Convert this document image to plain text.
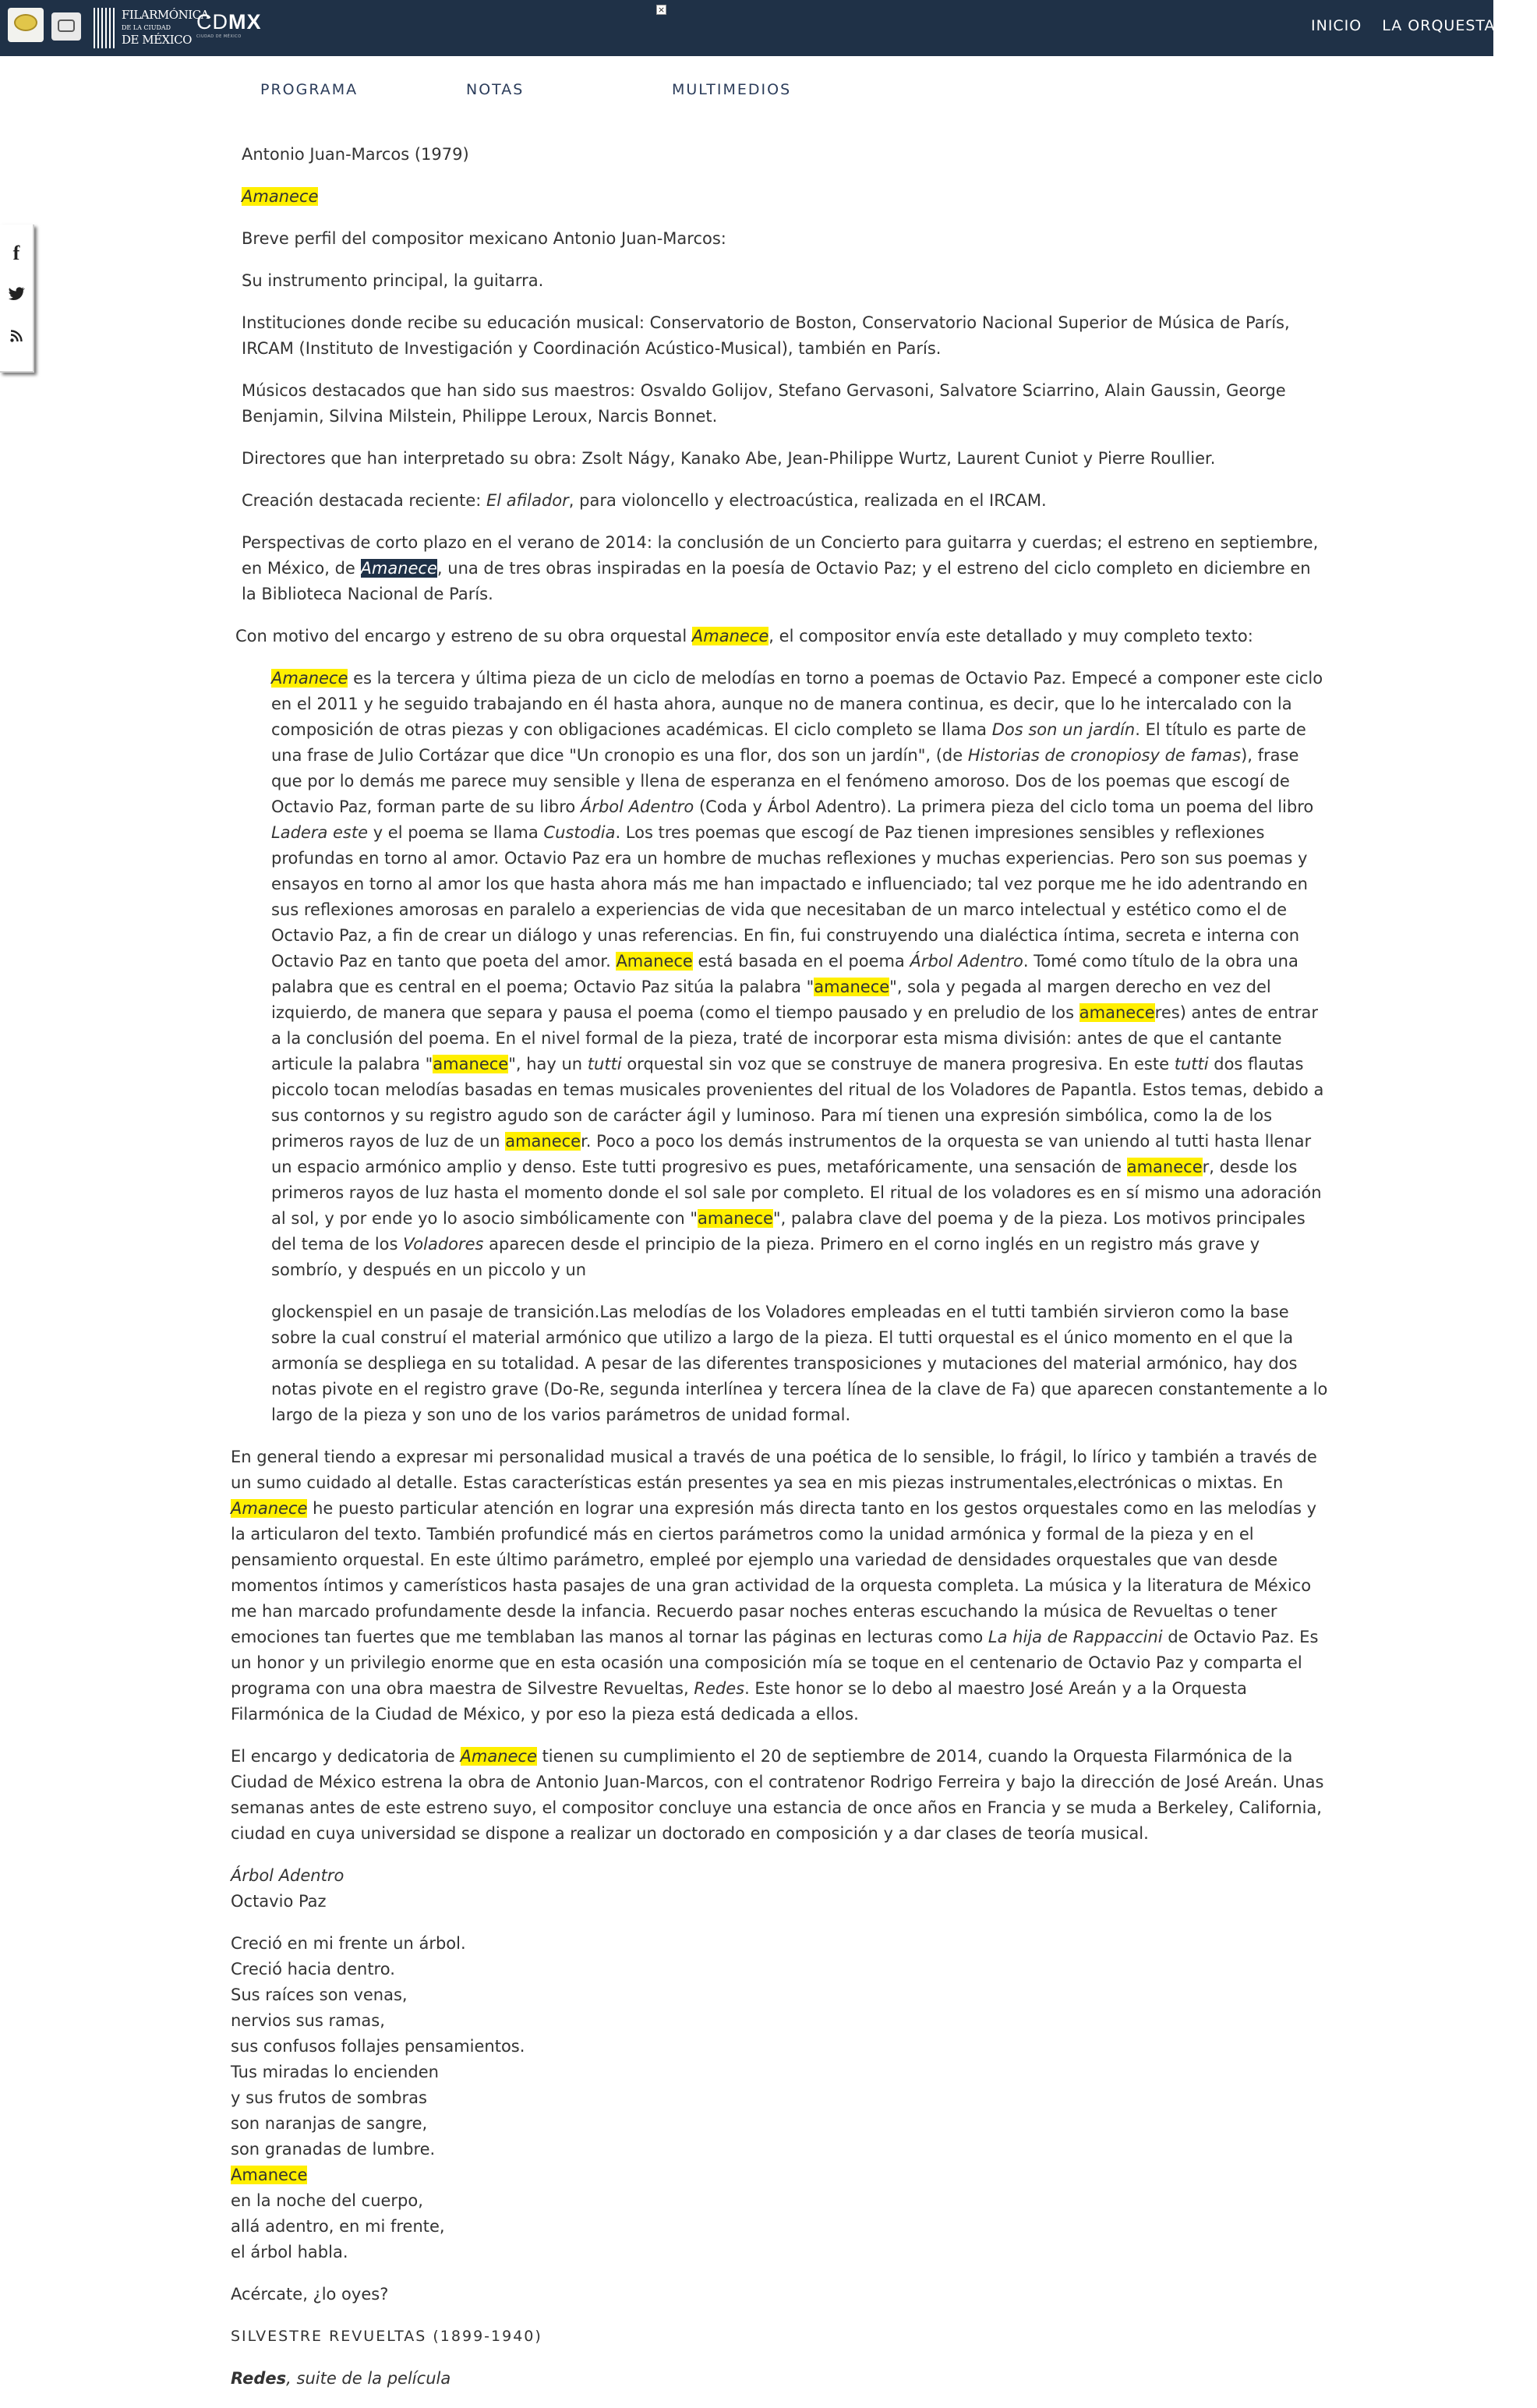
FILARMÓNICA
DE LA CIUDAD
DE MÉXICO
CDMX
CIUDAD DE MÉXICO
×
INICIO LA ORQUESTA
f
PROGRAMA	NOTAS	MULTIMEDIOS

Antonio Juan-Marcos (1979)

Amanece

Breve perfil del compositor mexicano Antonio Juan-Marcos:

Su instrumento principal, la guitarra.

Instituciones donde recibe su educación musical: Conservatorio de Boston, Conservatorio Nacional Superior de Música de París, IRCAM (Instituto de Investigación y Coordinación Acústico-Musical), también en París.

Músicos destacados que han sido sus maestros: Osvaldo Golijov, Stefano Gervasoni, Salvatore Sciarrino, Alain Gaussin, George Benjamin, Silvina Milstein, Philippe Leroux, Narcis Bonnet.

Directores que han interpretado su obra: Zsolt Nágy, Kanako Abe, Jean-Philippe Wurtz, Laurent Cuniot y Pierre Roullier.

Creación destacada reciente: El afilador, para violoncello y electroacústica, realizada en el IRCAM.

Perspectivas de corto plazo en el verano de 2014: la conclusión de un Concierto para guitarra y cuerdas; el estreno en septiembre, en México, de Amanece, una de tres obras inspiradas en la poesía de Octavio Paz; y el estreno del ciclo completo en diciembre en la Biblioteca Nacional de París.

Con motivo del encargo y estreno de su obra orquestal Amanece, el compositor envía este detallado y muy completo texto:

Amanece es la tercera y última pieza de un ciclo de melodías en torno a poemas de Octavio Paz. Empecé a componer este ciclo en el 2011 y he seguido trabajando en él hasta ahora, aunque no de manera continua, es decir, que lo he intercalado con la composición de otras piezas y con obligaciones académicas. El ciclo completo se llama Dos son un jardín. El título es parte de una frase de Julio Cortázar que dice "Un cronopio es una flor, dos son un jardín", (de Historias de cronopiosy de famas), frase que por lo demás me parece muy sensible y llena de esperanza en el fenómeno amoroso. Dos de los poemas que escogí de Octavio Paz, forman parte de su libro Árbol Adentro (Coda y Árbol Adentro). La primera pieza del ciclo toma un poema del libro Ladera este y el poema se llama Custodia. Los tres poemas que escogí de Paz tienen impresiones sensibles y reflexiones profundas en torno al amor. Octavio Paz era un hombre de muchas reflexiones y muchas experiencias. Pero son sus poemas y ensayos en torno al amor los que hasta ahora más me han impactado e influenciado; tal vez porque me he ido adentrando en sus reflexiones amorosas en paralelo a experiencias de vida que necesitaban de un marco intelectual y estético como el de Octavio Paz, a fin de crear un diálogo y unas referencias. En fin, fui construyendo una dialéctica íntima, secreta e interna con Octavio Paz en tanto que poeta del amor. Amanece está basada en el poema Árbol Adentro. Tomé como título de la obra una palabra que es central en el poema; Octavio Paz sitúa la palabra "amanece", sola y pegada al margen derecho en vez del izquierdo, de manera que separa y pausa el poema (como el tiempo pausado y en preludio de los amaneceres) antes de entrar a la conclusión del poema. En el nivel formal de la pieza, traté de incorporar esta misma división: antes de que el cantante articule la palabra "amanece", hay un tutti orquestal sin voz que se construye de manera progresiva. En este tutti dos flautas piccolo tocan melodías basadas en temas musicales provenientes del ritual de los Voladores de Papantla. Estos temas, debido a sus contornos y su registro agudo son de carácter ágil y luminoso. Para mí tienen una expresión simbólica, como la de los primeros rayos de luz de un amanecer. Poco a poco los demás instrumentos de la orquesta se van uniendo al tutti hasta llenar un espacio armónico amplio y denso. Este tutti progresivo es pues, metafóricamente, una sensación de amanecer, desde los primeros rayos de luz hasta el momento donde el sol sale por completo. El ritual de los voladores es en sí mismo una adoración al sol, y por ende yo lo asocio simbólicamente con "amanece", palabra clave del poema y de la pieza. Los motivos principales del tema de los Voladores aparecen desde el principio de la pieza. Primero en el corno inglés en un registro más grave y sombrío, y después en un piccolo y un

glockenspiel en un pasaje de transición.Las melodías de los Voladores empleadas en el tutti también sirvieron como la base sobre la cual construí el material armónico que utilizo a largo de la pieza. El tutti orquestal es el único momento en el que la armonía se despliega en su totalidad. A pesar de las diferentes transposiciones y mutaciones del material armónico, hay dos notas pivote en el registro grave (Do-Re, segunda interlínea y tercera línea de la clave de Fa) que aparecen constantemente a lo largo de la pieza y son uno de los varios parámetros de unidad formal.

En general tiendo a expresar mi personalidad musical a través de una poética de lo sensible, lo frágil, lo lírico y también a través de un sumo cuidado al detalle. Estas características están presentes ya sea en mis piezas instrumentales,electrónicas o mixtas. En Amanece he puesto particular atención en lograr una expresión más directa tanto en los gestos orquestales como en las melodías y la articularon del texto. También profundicé más en ciertos parámetros como la unidad armónica y formal de la pieza y en el pensamiento orquestal. En este último parámetro, empleé por ejemplo una variedad de densidades orquestales que van desde momentos íntimos y camerísticos hasta pasajes de una gran actividad de la orquesta completa. La música y la literatura de México me han marcado profundamente desde la infancia. Recuerdo pasar noches enteras escuchando la música de Revueltas o tener emociones tan fuertes que me temblaban las manos al tornar las páginas en lecturas como La hija de Rappaccini de Octavio Paz. Es un honor y un privilegio enorme que en esta ocasión una composición mía se toque en el centenario de Octavio Paz y comparta el programa con una obra maestra de Silvestre Revueltas, Redes. Este honor se lo debo al maestro José Areán y a la Orquesta Filarmónica de la Ciudad de México, y por eso la pieza está dedicada a ellos.

El encargo y dedicatoria de Amanece tienen su cumplimiento el 20 de septiembre de 2014, cuando la Orquesta Filarmónica de la Ciudad de México estrena la obra de Antonio Juan-Marcos, con el contratenor Rodrigo Ferreira y bajo la dirección de José Areán. Unas semanas antes de este estreno suyo, el compositor concluye una estancia de once años en Francia y se muda a Berkeley, California, ciudad en cuya universidad se dispone a realizar un doctorado en composición y a dar clases de teoría musical.

Árbol Adentro
Octavio Paz

Creció en mi frente un árbol.
Creció hacia dentro.
Sus raíces son venas,
nervios sus ramas,
sus confusos follajes pensamientos.
Tus miradas lo encienden
y sus frutos de sombras
son naranjas de sangre,
son granadas de lumbre.
Amanece
en la noche del cuerpo,
allá adentro, en mi frente,
el árbol habla.

Acércate, ¿lo oyes?

SILVESTRE REVUELTAS (1899-1940)

Redes, suite de la película
